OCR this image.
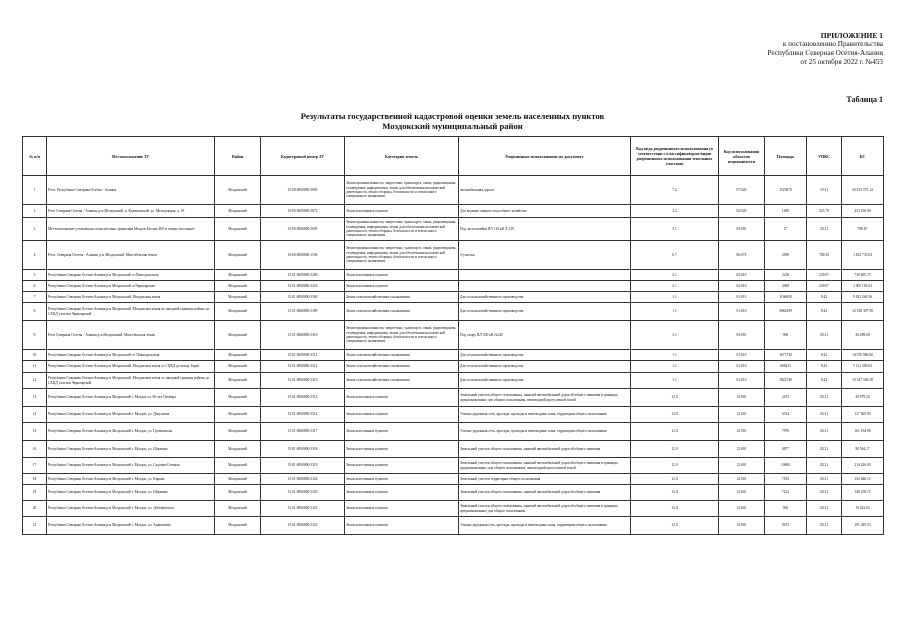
ПРИЛОЖЕНИЕ 1
к постановлению Правительства
Республики Северная Осетия-Алания
от 25 октября 2022 г. №453
Таблица 1
Результаты государственной кадастровой оценки земель населенных пунктов
Моздокский муниципальный район
№ п/п	Местоположение ЗУ	Район	Кадастровый номер ЗУ	Категория земель	Разрешенное использование по документу	Код вида разрешенного использования (в соответствии с классификатором видов разрешенного использования земельных участков)	Код использования объектов недвижимости	Площадь	УПКС	КС
1	Респ. Республика Северная Осетия - Алания	Моздокский	15:00:0000000:3605	Земли промышленности, энергетики, транспорта, связи, радиовещания, телевидения, информатики, земли для обеспечения космической деятельности, земли обороны, безопасности и земли иного специального назначения	автомобильная дорога	7.2	07:020	1523876	19.21	43 013 573.14
2	Респ Северная Осетия - Алания, р-н Моздокский, п. Калиновский, ул. Молодежная, д. 18	Моздокский	15:00:0000000:3672	Земли населенных пунктов	Для ведения личного подсобного хозяйства	2.2	02:020	1400	323.79	453 196.00
3	Местоположение установлено относительно ориентира Моздок-Беслан 400 м северо-восточнее	Моздокский	15:00:0000000:3695	Земли промышленности, энергетики, транспорта, связи, радиовещания, телевидения, информатики, земли для обеспечения космической деятельности, земли обороны, безопасности и земли иного специального назначения	Под экспл.ячейки ВЛ 110 кВ Л-129	3.1	03:091	27	29.21	788.67
4	Респ. Северная Осетия - Алания, р-н Моздокский, Малгобекская земля	Моздокский	15:00:0000000:1106	Земли промышленности, энергетики, транспорта, связи, радиовещания, телевидения, информатики, земли для обеспечения космической деятельности, земли обороны, безопасности и земли иного специального назначения	3-участка	6.7	06:072	2099	780.35	1 632 733.04
5	Республика Северная Осетия-Алания р-н Моздокский ст.Павлодольская	Моздокский	15:01:0000000:3209	Земли населенных пунктов		2.1	02:010	3216	230.07	739 665.75
6	Республика Северная Осетия-Алания р-н Моздокский ст.Черноярская	Моздокский	15:01:0000000:3216	Земли населенных пунктов		2.1	02:010	4369	230.07	1 005 162.63
7	Республика Северная Осетия-Алания р-н Моздокский, Моздокская земля	Моздокский	15:01:0000000:3304	Земли сельскохозяйственного назначения	Для сельскохозяйственного производства	1.1	01:010	1166658	8.42	9 823 260.36
8	Республика Северная Осетия-Алания р-н Моздокский, Моздокская земля из западной границы района до СХКД участки Черноярской	Моздокский	15:01:0000000:3309	Земли сельскохозяйственного назначения	Для сельскохозяйственного производства	1.1	01:010	3864299	8.42	32 538 397.58
9	Респ Северная Осетия - Алания р-н Моздокский, Малгобекская земля	Моздокский	15:01:0000000:3310	Земли промышленности, энергетики, транспорта, связи, радиовещания, телевидения, информатики, земли для обеспечения космической деятельности, земли обороны, безопасности и земли иного специального назначения	Под опору ВЛ-330 кВ №320	3.1	03:091	900	29.21	26 289.00
10	Республика Северная Осетия-Алания р-н Моздокский ст. Павлодольская	Моздокский	15:01:0000000:3311	Земли сельскохозяйственного назначения	Для сельскохозяйственного производства	1.1	01:010	1671730	8.42	14 076 966.60
11	Республика Северная Осетия-Алания р-н Моздокский, Моздокская земля от СХКД до конца Терек	Моздокский	15:01:0000000:3312	Земли сельскохозяйственного назначения	Для сельскохозяйственного производства	1.1	01:010	608231	8.42	5 121 305.02
12	Республика Северная Осетия-Алания р-н Моздокский, Моздокская земля от западной границы района до СХКД участки Черноярской	Моздокский	15:01:0000000:3313	Земли сельскохозяйственного назначения	Для сельскохозяйственного производства	1.1	01:010	1822749	8.42	15 347 546.58
13	Республика Северная Осетия-Алания р-н Моздокский г. Моздок ул. 50-лет Октября	Моздокский	15:01:0000000:3313	Земли населенных пунктов	Земельный участок общего пользования, занятый автомобильной дорогой общего значения в границах, предназначенных для общего пользования, пешеходной прогулочной зоной	12.0	12:001	2473	20.21	49 979.33
14	Республика Северная Осетия-Алания р-н Моздокский г. Моздок, ул. Докучаева	Моздокский	15:01:0000000:3314	Земли населенных пунктов	Улично-дорожная сеть, проезды, проходы и пешеходные зоны, территории общего пользования	12.0	12:001	6314	20.21	127 605.94
15	Республика Северная Осетия-Алания р-н Моздокский г. Моздок, ул. Грозненская	Моздокский	15:01:0000000:3317	Земли населенных пунктов	Улично-дорожная сеть, проезды, проходы и пешеходные зоны, территории общего пользования	12.0	12:001	7976	20.21	161 194.96
16	Республика Северная Осетия-Алания р-н Моздокский г. Моздок, ул. Шаумяна	Моздокский	15:01:0000000:3318	Земли населенных пунктов	Земельный участок общего пользования, занятый автомобильной дорогой общего значения	12.0	12:001	4877	20.21	98 564.17
17	Республика Северная Осетия-Алания р-н Моздокский г. Моздок, ул. Садовая-Степная	Моздокский	15:01:0000000:3319	Земли населенных пунктов	Земельный участок общего пользования, занятый автомобильной дорогой общего значения в границах, предназначенных для общего пользования, пешеходной прогулочной зоной	12.0	12:001	10600	20.21	214 226.00
18	Республика Северная Осетия-Алания р-н Моздокский г. Моздок, ул. Кирова	Моздокский	15:01:0000000:3322	Земли населенных пунктов	Земельный участок территории общего пользования	12.0	12:001	7553	20.21	152 646.13
19	Республика Северная Осетия-Алания р-н Моздокский г. Моздок, ул. Шаумяна	Моздокский	15:01:0000000:3320	Земли населенных пунктов	Земельный участок общего пользования, занятый автомобильной дорогой общего значения	12.0	12:001	7232	20.21	146 158.72
20	Республика Северная Осетия-Алания р-н Моздокский г. Моздок, ул. Доберевского	Моздокский	15:01:0000000:3321	Земли населенных пунктов	Земельный участок общего пользования, занятый автомобильной дорогой общего значения в границах, предназначенных для общего пользования	12.0	12:001	962	20.21	19 442.02
21	Республика Северная Осетия-Алания р-н Моздокский г. Моздок, ул. Анисимова	Моздокский	15:01:0000000:3323	Земли населенных пунктов	Улично-дорожная сеть, проезды, проходы и пешеходные зоны, территории общего пользования	12.0	12:001	9473	20.21	191 449.33
